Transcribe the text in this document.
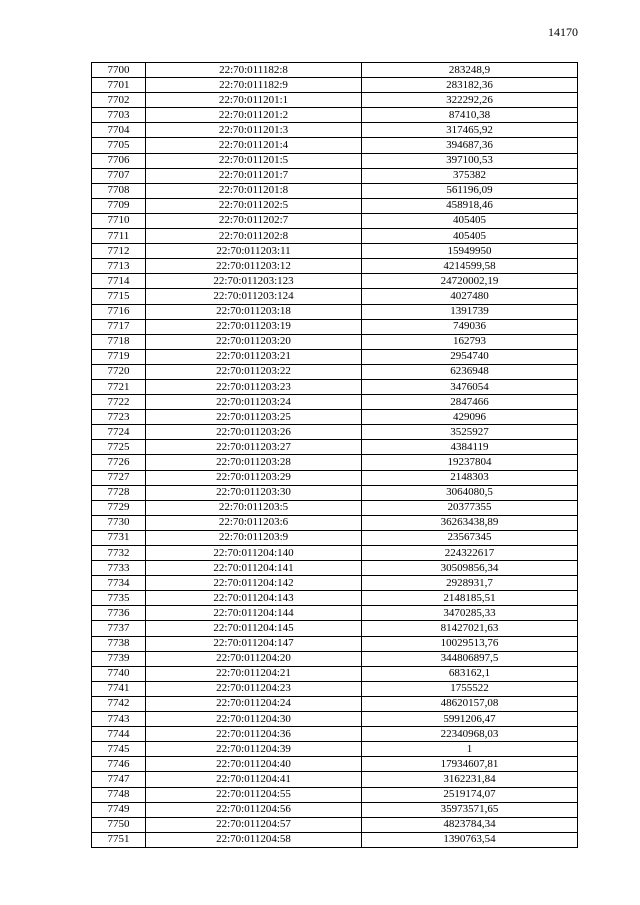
14170
7700	22:70:011182:8	283248,9
7701	22:70:011182:9	283182,36
7702	22:70:011201:1	322292,26
7703	22:70:011201:2	87410,38
7704	22:70:011201:3	317465,92
7705	22:70:011201:4	394687,36
7706	22:70:011201:5	397100,53
7707	22:70:011201:7	375382
7708	22:70:011201:8	561196,09
7709	22:70:011202:5	458918,46
7710	22:70:011202:7	405405
7711	22:70:011202:8	405405
7712	22:70:011203:11	15949950
7713	22:70:011203:12	4214599,58
7714	22:70:011203:123	24720002,19
7715	22:70:011203:124	4027480
7716	22:70:011203:18	1391739
7717	22:70:011203:19	749036
7718	22:70:011203:20	162793
7719	22:70:011203:21	2954740
7720	22:70:011203:22	6236948
7721	22:70:011203:23	3476054
7722	22:70:011203:24	2847466
7723	22:70:011203:25	429096
7724	22:70:011203:26	3525927
7725	22:70:011203:27	4384119
7726	22:70:011203:28	19237804
7727	22:70:011203:29	2148303
7728	22:70:011203:30	3064080,5
7729	22:70:011203:5	20377355
7730	22:70:011203:6	36263438,89
7731	22:70:011203:9	23567345
7732	22:70:011204:140	224322617
7733	22:70:011204:141	30509856,34
7734	22:70:011204:142	2928931,7
7735	22:70:011204:143	2148185,51
7736	22:70:011204:144	3470285,33
7737	22:70:011204:145	81427021,63
7738	22:70:011204:147	10029513,76
7739	22:70:011204:20	344806897,5
7740	22:70:011204:21	683162,1
7741	22:70:011204:23	1755522
7742	22:70:011204:24	48620157,08
7743	22:70:011204:30	5991206,47
7744	22:70:011204:36	22340968,03
7745	22:70:011204:39	1
7746	22:70:011204:40	17934607,81
7747	22:70:011204:41	3162231,84
7748	22:70:011204:55	2519174,07
7749	22:70:011204:56	35973571,65
7750	22:70:011204:57	4823784,34
7751	22:70:011204:58	1390763,54
